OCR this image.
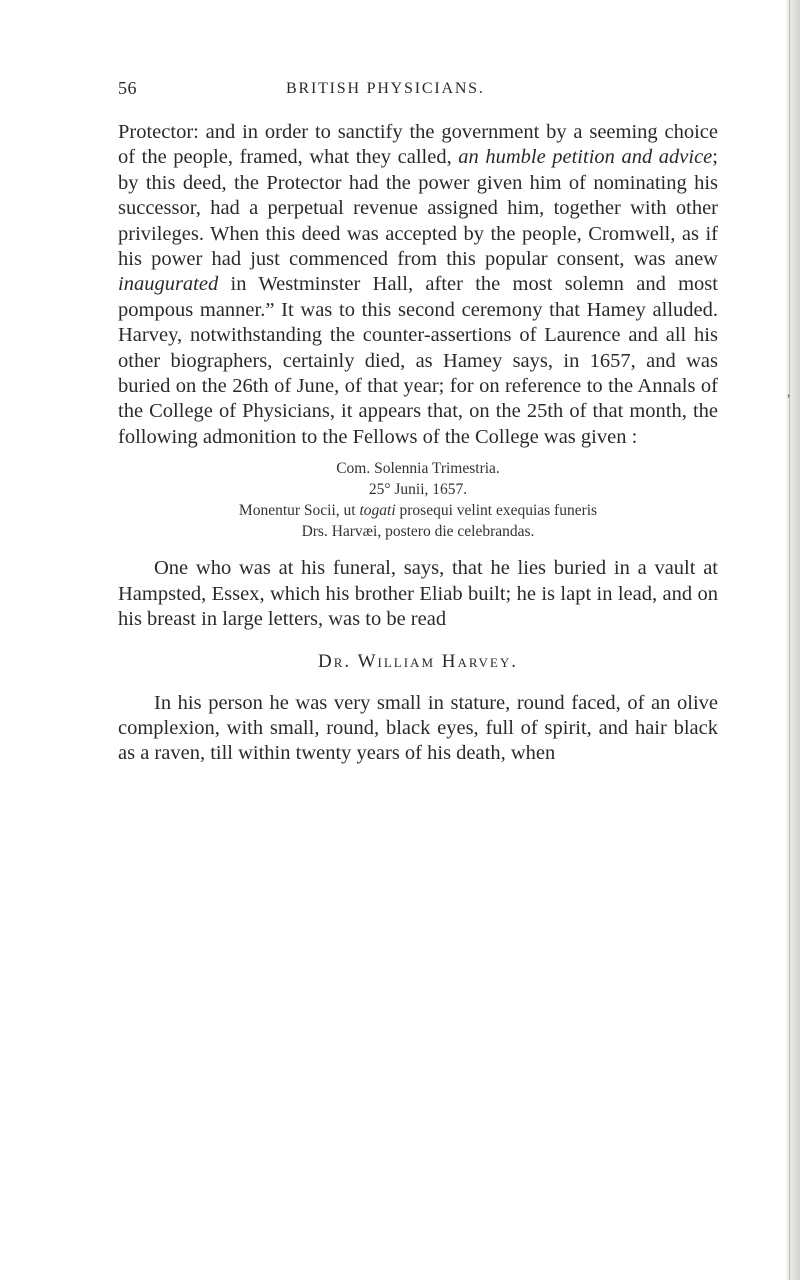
,
56	BRITISH PHYSICIANS.

Protector: and in order to sanctify the government by a seeming choice of the people, framed, what they called, an humble petition and advice; by this deed, the Protector had the power given him of nominating his successor, had a perpetual revenue assigned him, together with other privileges. When this deed was accepted by the people, Cromwell, as if his power had just commenced from this popular consent, was anew inaugurated in Westminster Hall, after the most solemn and most pompous manner.” It was to this second ceremony that Hamey alluded. Harvey, notwithstanding the counter-assertions of Laurence and all his other biographers, certainly died, as Hamey says, in 1657, and was buried on the 26th of June, of that year; for on reference to the Annals of the College of Physicians, it appears that, on the 25th of that month, the following admonition to the Fellows of the College was given :

Com. Solennia Trimestria.
25° Junii, 1657.
Monentur Socii, ut togati prosequi velint exequias funeris
Drs. Harvæi, postero die celebrandas.

One who was at his funeral, says, that he lies buried in a vault at Hampsted, Essex, which his brother Eliab built; he is lapt in lead, and on his breast in large letters, was to be read

Dr. William Harvey.

In his person he was very small in stature, round faced, of an olive complexion, with small, round, black eyes, full of spirit, and hair black as a raven, till within twenty years of his death, when
